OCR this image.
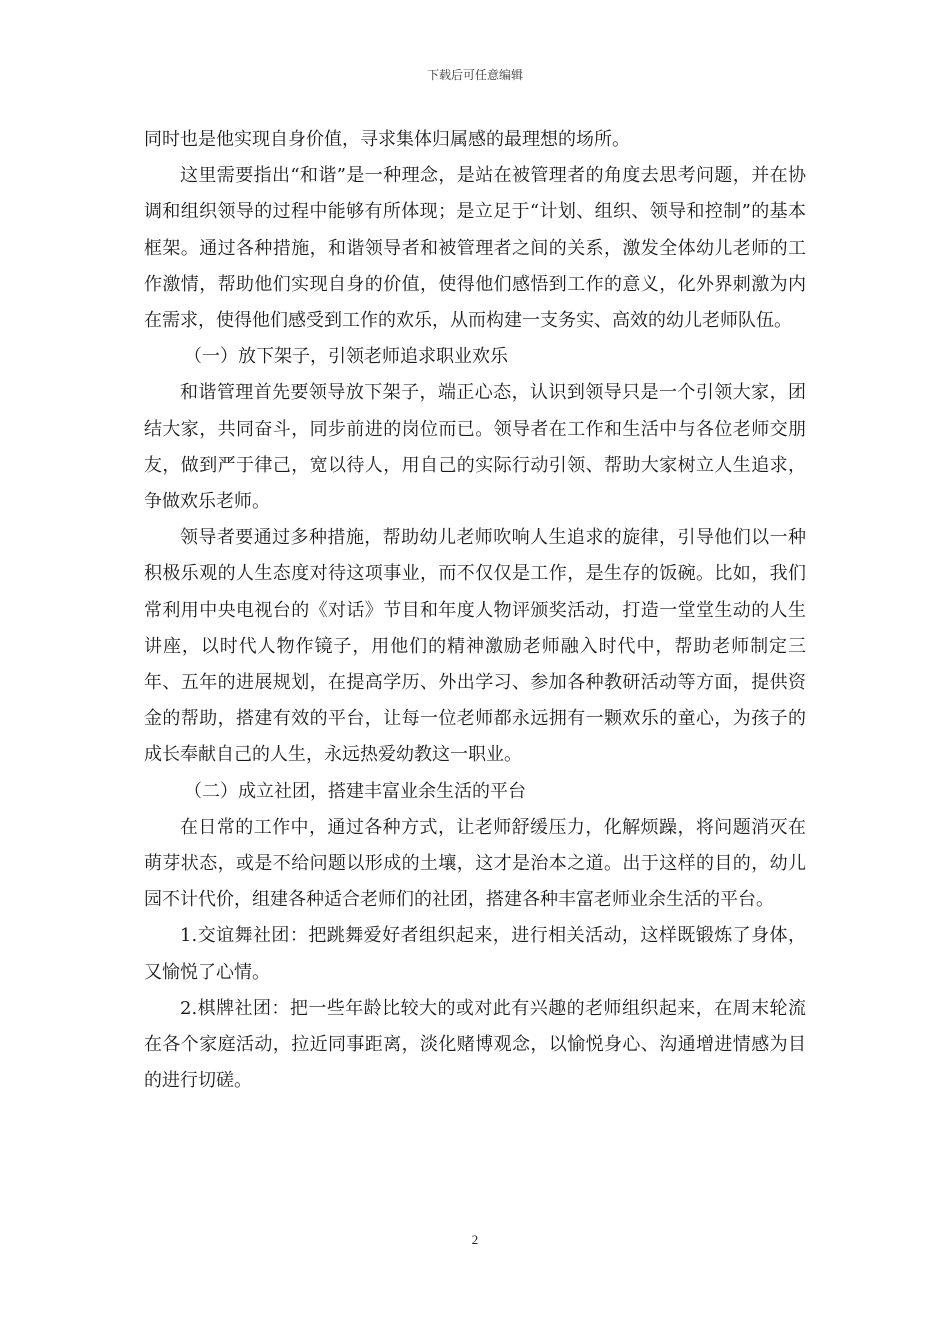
下载后可任意编辑

同时也是他实现自身价值，寻求集体归属感的最理想的场所。

这里需要指出“和谐”是一种理念，是站在被管理者的角度去思考问题，并在协调和组织领导的过程中能够有所体现；是立足于“计划、组织、领导和控制”的基本框架。通过各种措施，和谐领导者和被管理者之间的关系，激发全体幼儿老师的工作激情，帮助他们实现自身的价值，使得他们感悟到工作的意义，化外界刺激为内在需求，使得他们感受到工作的欢乐，从而构建一支务实、高效的幼儿老师队伍。

（一）放下架子，引领老师追求职业欢乐

和谐管理首先要领导放下架子，端正心态，认识到领导只是一个引领大家，团结大家，共同奋斗，同步前进的岗位而已。领导者在工作和生活中与各位老师交朋友，做到严于律己，宽以待人，用自己的实际行动引领、帮助大家树立人生追求，争做欢乐老师。

领导者要通过多种措施，帮助幼儿老师吹响人生追求的旋律，引导他们以一种积极乐观的人生态度对待这项事业，而不仅仅是工作，是生存的饭碗。比如，我们常利用中央电视台的《对话》节目和年度人物评颁奖活动，打造一堂堂生动的人生讲座，以时代人物作镜子，用他们的精神激励老师融入时代中，帮助老师制定三年、五年的进展规划，在提高学历、外出学习、参加各种教研活动等方面，提供资金的帮助，搭建有效的平台，让每一位老师都永远拥有一颗欢乐的童心，为孩子的成长奉献自己的人生，永远热爱幼教这一职业。

（二）成立社团，搭建丰富业余生活的平台

在日常的工作中，通过各种方式，让老师舒缓压力，化解烦躁，将问题消灭在萌芽状态，或是不给问题以形成的土壤，这才是治本之道。出于这样的目的，幼儿园不计代价，组建各种适合老师们的社团，搭建各种丰富老师业余生活的平台。

1.交谊舞社团：把跳舞爱好者组织起来，进行相关活动，这样既锻炼了身体，又愉悦了心情。

2.棋牌社团：把一些年龄比较大的或对此有兴趣的老师组织起来，在周末轮流在各个家庭活动，拉近同事距离，淡化赌博观念，以愉悦身心、沟通增进情感为目的进行切磋。

2
